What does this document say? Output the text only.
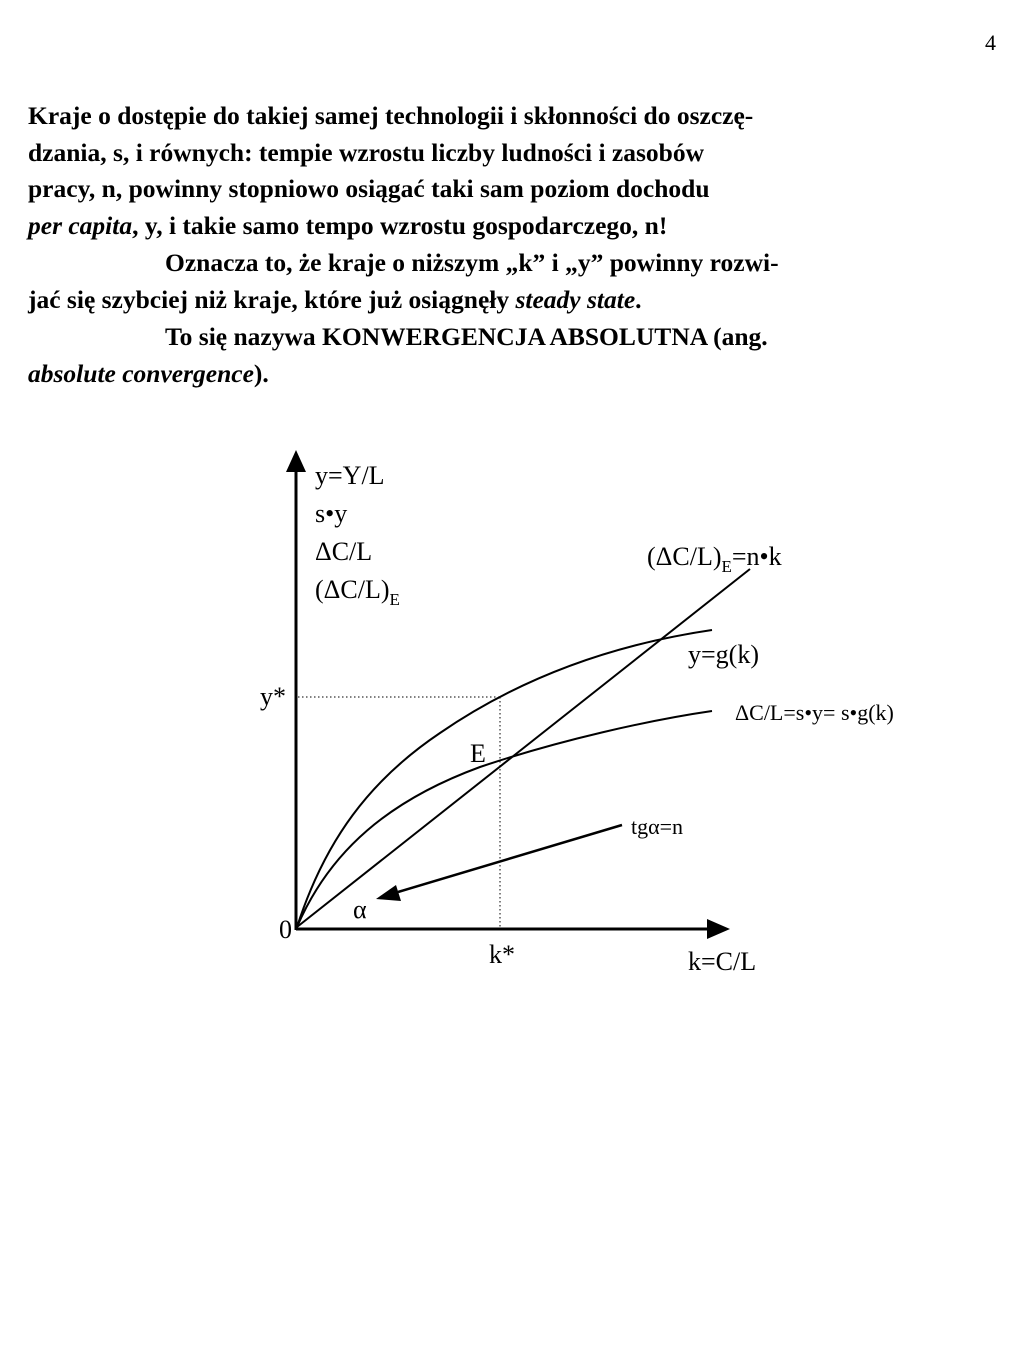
4

Kraje o dostępie do takiej samej technologii i skłonności do oszczę-
dzania, s, i równych: tempie wzrostu liczby ludności i zasobów
pracy, n, powinny stopniowo osiągać taki sam poziom dochodu
per capita, y, i takie samo tempo wzrostu gospodarczego, n!

Oznacza to, że kraje o niższym „k” i „y” powinny rozwi-
jać się szybciej niż kraje, które już osiągnęły steady state.

To się nazywa KONWERGENCJA ABSOLUTNA (ang.
absolute convergence).

y=Y/L
s•y
ΔC/L
$(\Delta C/L)_E$
$(\Delta C/L)_E=n•k$
y=g(k)
ΔC/L=s•y= s•g(k)
E
y*
k*
0
k=C/L
tgα=n
α
